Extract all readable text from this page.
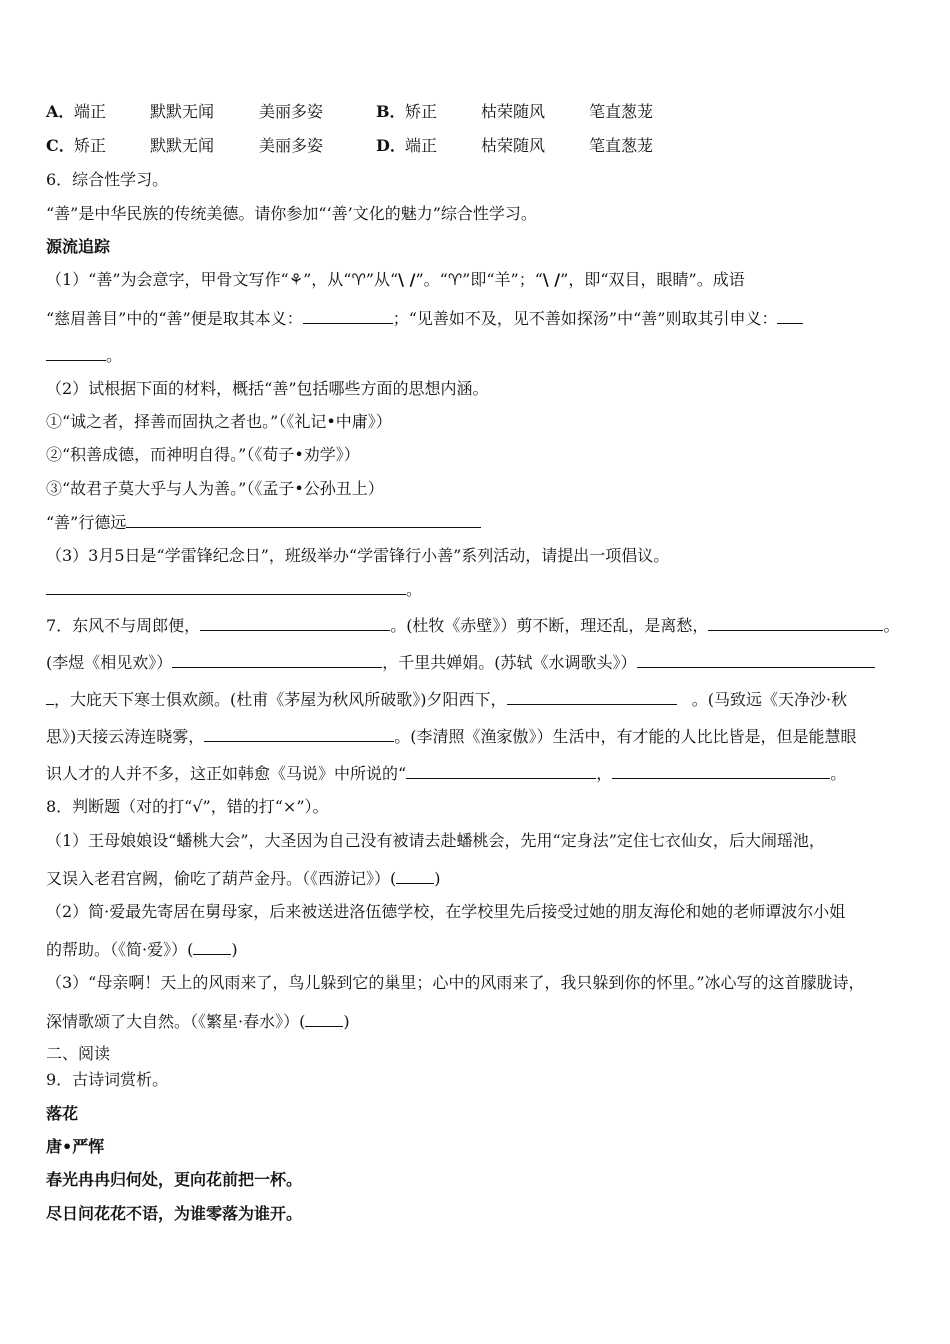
A． 端正	默默无闻	美丽多姿	B． 矫正	枯荣随风	笔直葱茏
C． 矫正	默默无闻	美丽多姿	D． 端正	枯荣随风	笔直葱茏
6．综合性学习。
“善”是中华民族的传统美德。请你参加“‘善’文化的魅力”综合性学习。
源流追踪
（1）“善”为会意字，甲骨文写作“⚘”，从“♈”从“\ /”。“♈”即“羊”；“\ /”，即“双目，眼睛”。成语
“慈眉善目”中的“善”便是取其本义：	；“见善如不及，见不善如探汤”中“善”则取其引申义：
。
（2）试根据下面的材料，概括“善”包括哪些方面的思想内涵。
①“诚之者，择善而固执之者也。”（《礼记•中庸》）
②“积善成德，而神明自得。”（《荀子•劝学》）
③“故君子莫大乎与人为善。”（《孟子•公孙丑上）
“善”行德远
（3）3月5日是“学雷锋纪念日”，班级举办“学雷锋行小善”系列活动，请提出一项倡议。
。
7．东风不与周郎便，	。(杜牧《赤壁》）剪不断，理还乱，是离愁，	。
(李煜《相见欢》）	，千里共婵娟。(苏轼《水调歌头》）
，大庇天下寒士俱欢颜。(杜甫《茅屋为秋风所破歌》)夕阳西下，	。(马致远《天净沙·秋
思》)天接云涛连晓雾，	。(李清照《渔家傲》）生活中，有才能的人比比皆是，但是能慧眼
识人才的人并不多，这正如韩愈《马说》中所说的“	，	。
8．判断题（对的打“√”，错的打“×”）。
（1）王母娘娘设“蟠桃大会”，大圣因为自己没有被请去赴蟠桃会，先用“定身法”定住七衣仙女，后大闹瑶池，
又误入老君宫阙，偷吃了葫芦金丹。（《西游记》）( )
（2）简·爱最先寄居在舅母家，后来被送进洛伍德学校，在学校里先后接受过她的朋友海伦和她的老师谭波尔小姐
的帮助。（《简·爱》）( )
（3）“母亲啊！天上的风雨来了，鸟儿躲到它的巢里；心中的风雨来了，我只躲到你的怀里。”冰心写的这首朦胧诗，
深情歌颂了大自然。（《繁星·春水》）( )
二、阅读
9．古诗词赏析。
落花
唐•严恽
春光冉冉归何处，更向花前把一杯。
尽日问花花不语，为谁零落为谁开。
